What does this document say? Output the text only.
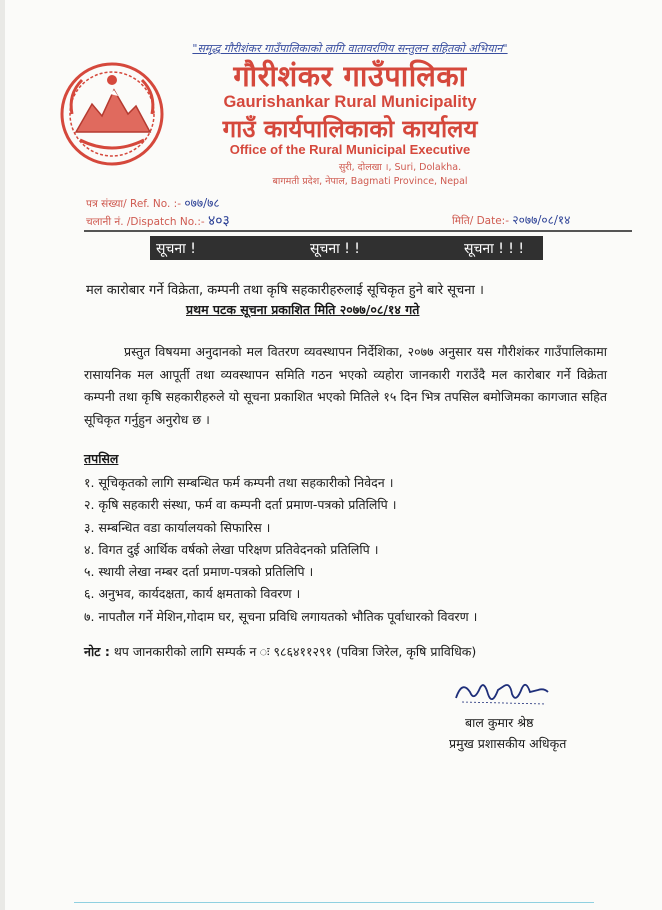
"समृद्ध गौरीशंकर गाउँपालिकाको लागि वातावरणिय सन्तुलन सहितको अभियान"
गौरीशंकर गाउँपालिका
Gaurishankar Rural Municipality
गाउँ कार्यपालिकाको कार्यालय
Office of the Rural Municipal Executive
सुरी, दोलखा ।, Suri, Dolakha.
बागमती प्रदेश, नेपाल, Bagmati Province, Nepal
पत्र संख्या/ Ref. No. :- ०७७/७८
चलानी नं. /Dispatch No.:- ४०३	मिति/ Date:- २०७७/०८/१४
सूचना !	सूचना ! !	सूचना ! ! !
मल कारोबार गर्ने विक्रेता, कम्पनी तथा कृषि सहकारीहरुलाई सूचिकृत हुने बारे सूचना ।
प्रथम पटक सूचना प्रकाशित मिति २०७७/०८/१४ गते
प्रस्तुत विषयमा अनुदानको मल वितरण व्यवस्थापन निर्देशिका, २०७७ अनुसार यस गौरीशंकर गाउँपालिकामा रासायनिक मल आपूर्ती तथा व्यवस्थापन समिति गठन भएको व्यहोरा जानकारी गराउँदै मल कारोबार गर्ने विक्रेता कम्पनी तथा कृषि सहकारीहरुले यो सूचना प्रकाशित भएको मितिले १५ दिन भित्र तपसिल बमोजिमका कागजात सहित सूचिकृत गर्नुहुन अनुरोध छ ।
तपसिल
१. सूचिकृतको लागि सम्बन्धित फर्म कम्पनी तथा सहकारीको निवेदन ।
२. कृषि सहकारी संस्था, फर्म वा कम्पनी दर्ता प्रमाण-पत्रको प्रतिलिपि ।
३. सम्बन्धित वडा कार्यालयको सिफारिस ।
४. विगत दुई आर्थिक वर्षको लेखा परिक्षण प्रतिवेदनको प्रतिलिपि ।
५. स्थायी लेखा नम्बर दर्ता प्रमाण-पत्रको प्रतिलिपि ।
६. अनुभव, कार्यदक्षता, कार्य क्षमताको विवरण ।
७. नापतौल गर्ने मेशिन,गोदाम घर, सूचना प्रविधि लगायतको भौतिक पूर्वाधारको विवरण ।
नोट : थप जानकारीको लागि सम्पर्क न ः ९८६४११२९१ (पवित्रा जिरेल, कृषि प्राविधिक)
बाल कुमार श्रेष्ठ
प्रमुख प्रशासकीय अधिकृत
